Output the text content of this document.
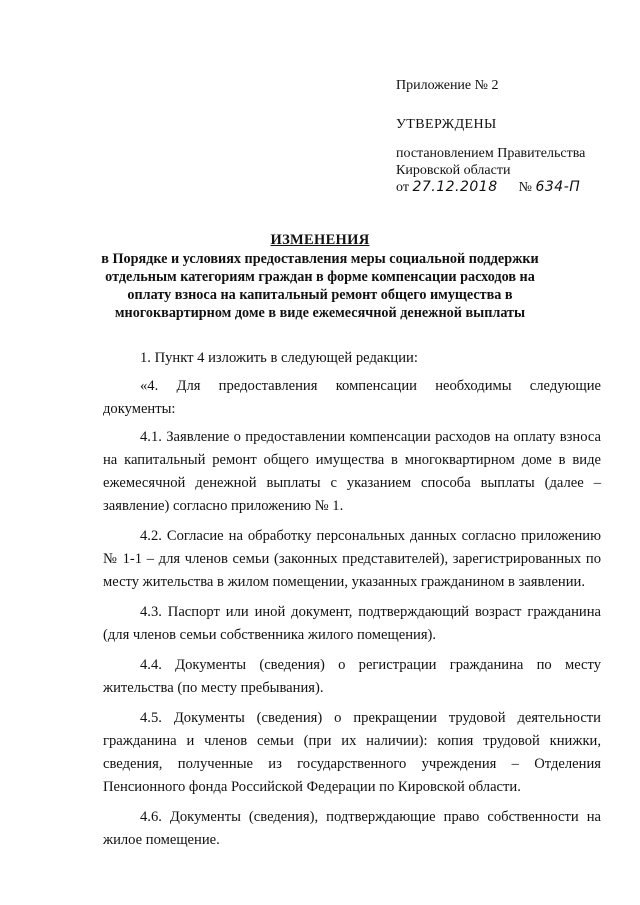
Приложение № 2
УТВЕРЖДЕНЫ
постановлением Правительства
Кировской области
от 27.12.2018 № 634-П
ИЗМЕНЕНИЯ
в Порядке и условиях предоставления меры социальной поддержки отдельным категориям граждан в форме компенсации расходов на оплату взноса на капитальный ремонт общего имущества в многоквартирном доме в виде ежемесячной денежной выплаты

1. Пункт 4 изложить в следующей редакции:

«4. Для предоставления компенсации необходимы следующие документы:

4.1. Заявление о предоставлении компенсации расходов на оплату взноса на капитальный ремонт общего имущества в многоквартирном доме в виде ежемесячной денежной выплаты с указанием способа выплаты (далее – заявление) согласно приложению № 1.

4.2. Согласие на обработку персональных данных согласно приложению № 1-1 – для членов семьи (законных представителей), зарегистрированных по месту жительства в жилом помещении, указанных гражданином в заявлении.

4.3. Паспорт или иной документ, подтверждающий возраст гражданина (для членов семьи собственника жилого помещения).

4.4. Документы (сведения) о регистрации гражданина по месту жительства (по месту пребывания).

4.5. Документы (сведения) о прекращении трудовой деятельности гражданина и членов семьи (при их наличии): копия трудовой книжки, сведения, полученные из государственного учреждения – Отделения Пенсионного фонда Российской Федерации по Кировской области.

4.6. Документы (сведения), подтверждающие право собственности на жилое помещение.
